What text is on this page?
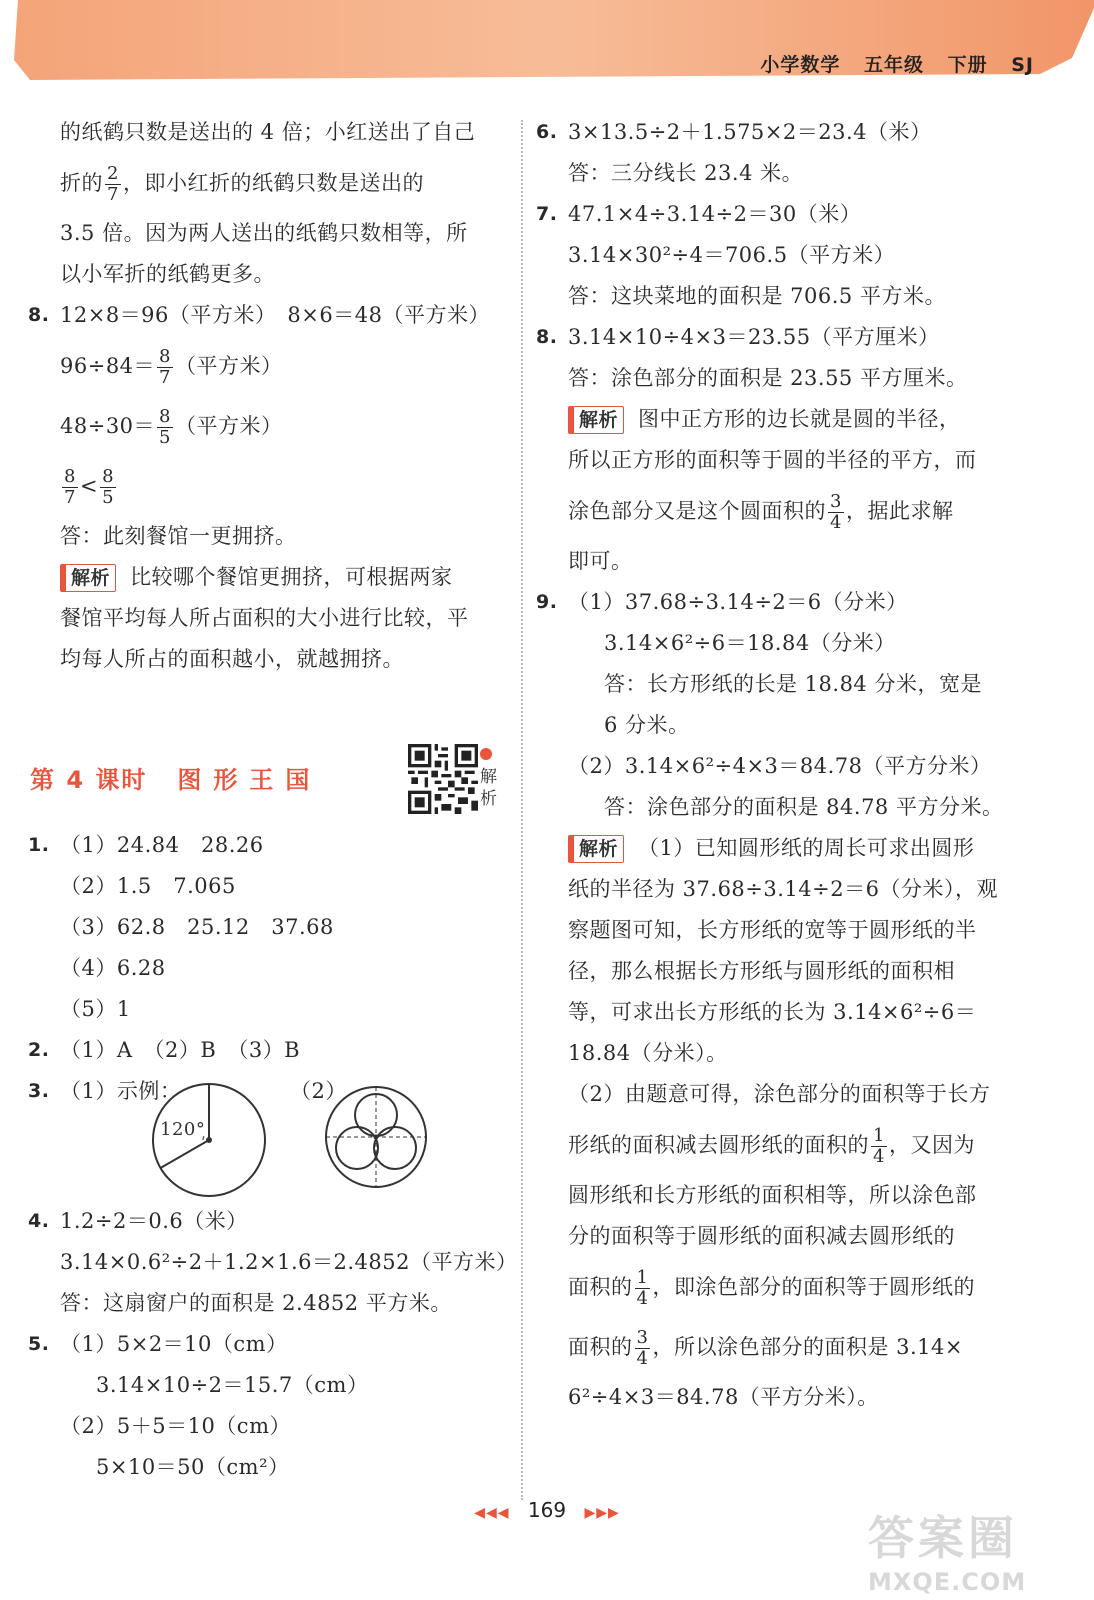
小学数学 五年级 下册 SJ
的纸鹤只数是送出的 4 倍；小红送出了自己
折的 $\frac{2}{7}$ ，即小红折的纸鹤只数是送出的
3.5 倍。因为两人送出的纸鹤只数相等，所
以小军折的纸鹤更多。
8. 12×8＝96（平方米）　8×6＝48（平方米）
$96\div 84= \frac{8}{7}$ （平方米）
$48\div 30= \frac{8}{5}$ （平方米）
$\frac{8}{7} < \frac{8}{5}$
答：此刻餐馆一更拥挤。
解析 比较哪个餐馆更拥挤，可根据两家
餐馆平均每人所占面积的大小进行比较，平
均每人所占的面积越小，就越拥挤。
第 4 课时 图形王国	解
析
1. （1）24.84　28.26
（2）1.5　7.065
（3）62.8　25.12　37.68
（4）6.28
（5）1
2. （1）A　（2）B　（3）B
3. （1）示例：	（2）
120°
4. 1.2÷2＝0.6（米）
3.14×0.6²÷2＋1.2×1.6＝2.4852（平方米）
答：这扇窗户的面积是 2.4852 平方米。
5. （1）5×2＝10（cm）
3.14×10÷2＝15.7（cm）
（2）5＋5＝10（cm）
5×10＝50（cm²）
6. 3×13.5÷2＋1.575×2＝23.4（米）
答：三分线长 23.4 米。
7. 47.1×4÷3.14÷2＝30（米）
3.14×30²÷4＝706.5（平方米）
答：这块菜地的面积是 706.5 平方米。
8. 3.14×10÷4×3＝23.55（平方厘米）
答：涂色部分的面积是 23.55 平方厘米。
解析 图中正方形的边长就是圆的半径，
所以正方形的面积等于圆的半径的平方，而
涂色部分又是这个圆面积的 $\frac{3}{4}$ ，据此求解
即可。
9. （1）37.68÷3.14÷2＝6（分米）
3.14×6²÷6＝18.84（分米）
答：长方形纸的长是 18.84 分米，宽是
6 分米。
（2）3.14×6²÷4×3＝84.78（平方分米）
答：涂色部分的面积是 84.78 平方分米。
解析 （1）已知圆形纸的周长可求出圆形
纸的半径为 37.68÷3.14÷2＝6（分米），观
察题图可知，长方形纸的宽等于圆形纸的半
径，那么根据长方形纸与圆形纸的面积相
等，可求出长方形纸的长为 3.14×6²÷6＝
18.84（分米）。
（2）由题意可得，涂色部分的面积等于长方
形纸的面积减去圆形纸的面积的 $\frac{1}{4}$ ，又因为
圆形纸和长方形纸的面积相等，所以涂色部
分的面积等于圆形纸的面积减去圆形纸的
面积的 $\frac{1}{4}$ ，即涂色部分的面积等于圆形纸的
面积的 $\frac{3}{4}$ ，所以涂色部分的面积是 3.14×
6²÷4×3＝84.78（平方分米）。
◀◀◀ 169 ▶▶▶	答案圈
MXQE.COM
